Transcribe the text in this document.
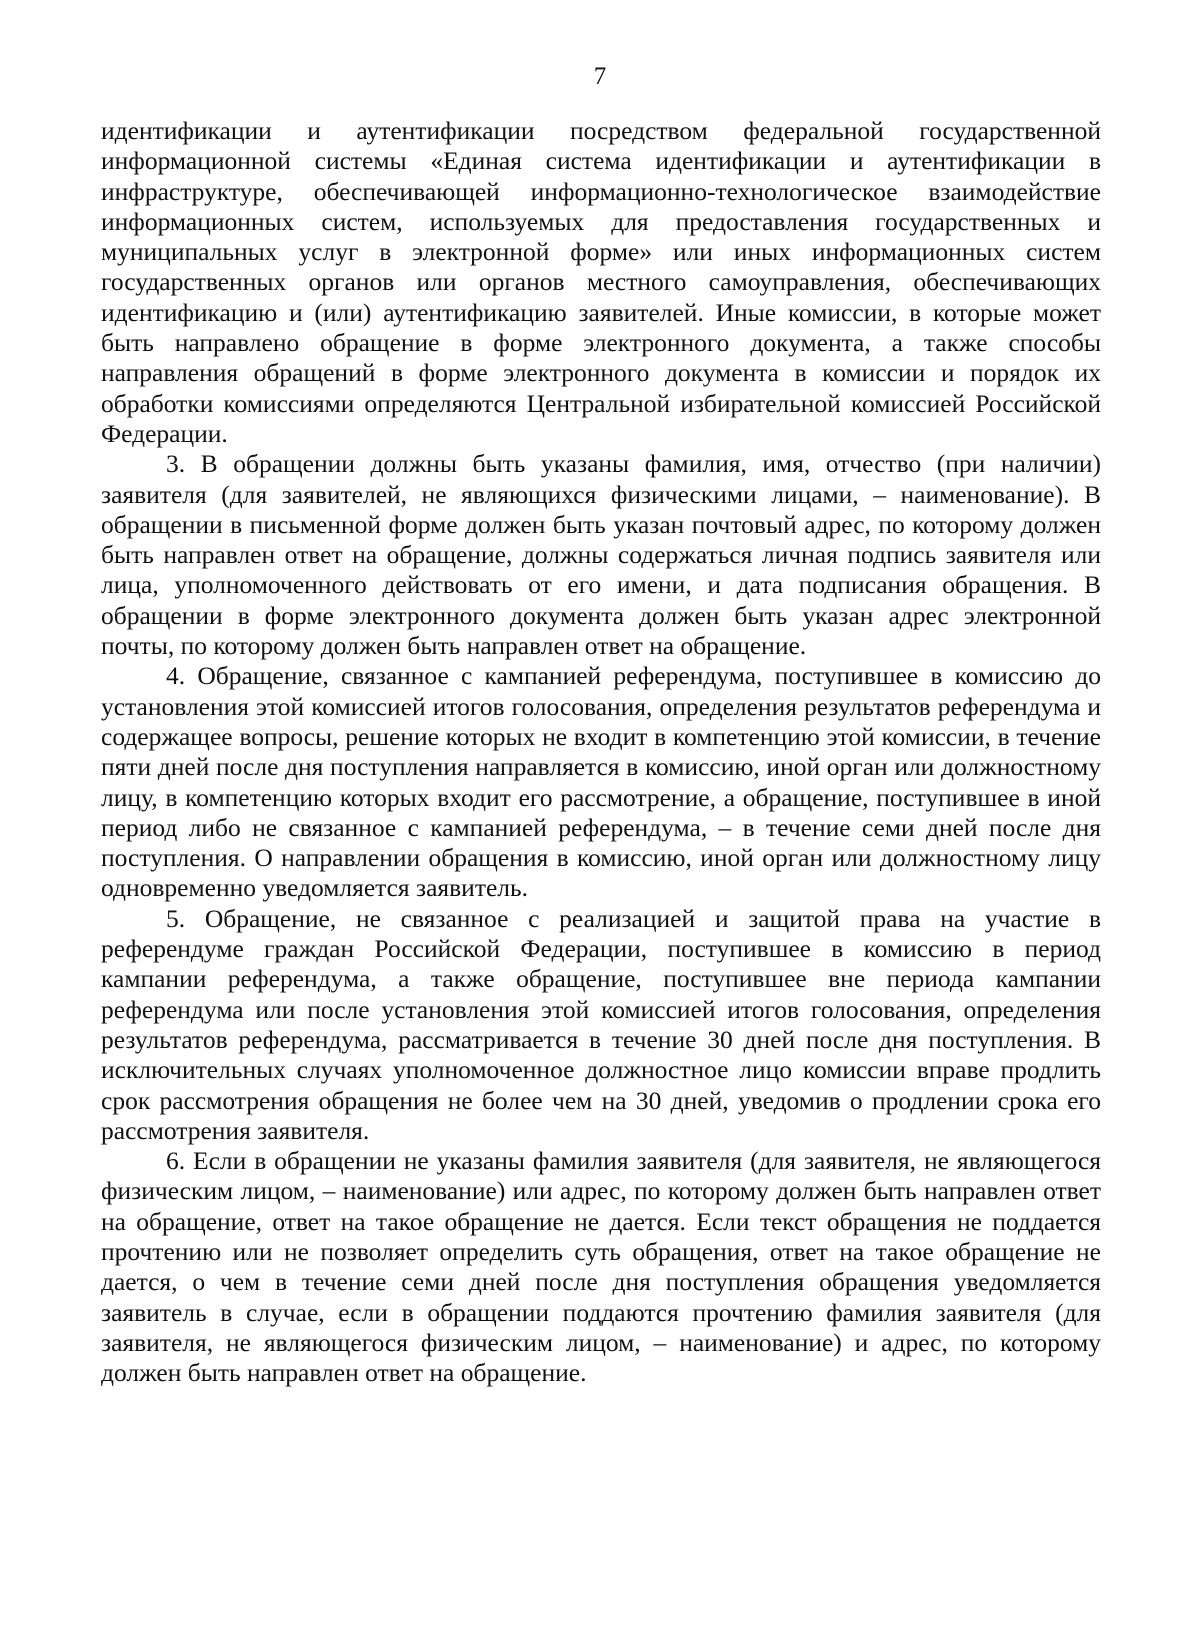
7

идентификации и аутентификации посредством федеральной государственной информационной системы «Единая система идентификации и аутентификации в инфраструктуре, обеспечивающей информационно-технологическое взаимодействие информационных систем, используемых для предоставления государственных и муниципальных услуг в электронной форме» или иных информационных систем государственных органов или органов местного самоуправления, обеспечивающих идентификацию и (или) аутентификацию заявителей. Иные комиссии, в которые может быть направлено обращение в форме электронного документа, а также способы направления обращений в форме электронного документа в комиссии и порядок их обработки комиссиями определяются Центральной избирательной комиссией Российской Федерации.

3. В обращении должны быть указаны фамилия, имя, отчество (при наличии) заявителя (для заявителей, не являющихся физическими лицами, – наименование). В обращении в письменной форме должен быть указан почтовый адрес, по которому должен быть направлен ответ на обращение, должны содержаться личная подпись заявителя или лица, уполномоченного действовать от его имени, и дата подписания обращения. В обращении в форме электронного документа должен быть указан адрес электронной почты, по которому должен быть направлен ответ на обращение.

4. Обращение, связанное с кампанией референдума, поступившее в комиссию до установления этой комиссией итогов голосования, определения результатов референдума и содержащее вопросы, решение которых не входит в компетенцию этой комиссии, в течение пяти дней после дня поступления направляется в комиссию, иной орган или должностному лицу, в компетенцию которых входит его рассмотрение, а обращение, поступившее в иной период либо не связанное с кампанией референдума, – в течение семи дней после дня поступления. О направлении обращения в комиссию, иной орган или должностному лицу одновременно уведомляется заявитель.

5. Обращение, не связанное с реализацией и защитой права на участие в референдуме граждан Российской Федерации, поступившее в комиссию в период кампании референдума, а также обращение, поступившее вне периода кампании референдума или после установления этой комиссией итогов голосования, определения результатов референдума, рассматривается в течение 30 дней после дня поступления. В исключительных случаях уполномоченное должностное лицо комиссии вправе продлить срок рассмотрения обращения не более чем на 30 дней, уведомив о продлении срока его рассмотрения заявителя.

6. Если в обращении не указаны фамилия заявителя (для заявителя, не являющегося физическим лицом, – наименование) или адрес, по которому должен быть направлен ответ на обращение, ответ на такое обращение не дается. Если текст обращения не поддается прочтению или не позволяет определить суть обращения, ответ на такое обращение не дается, о чем в течение семи дней после дня поступления обращения уведомляется заявитель в случае, если в обращении поддаются прочтению фамилия заявителя (для заявителя, не являющегося физическим лицом, – наименование) и адрес, по которому должен быть направлен ответ на обращение.
